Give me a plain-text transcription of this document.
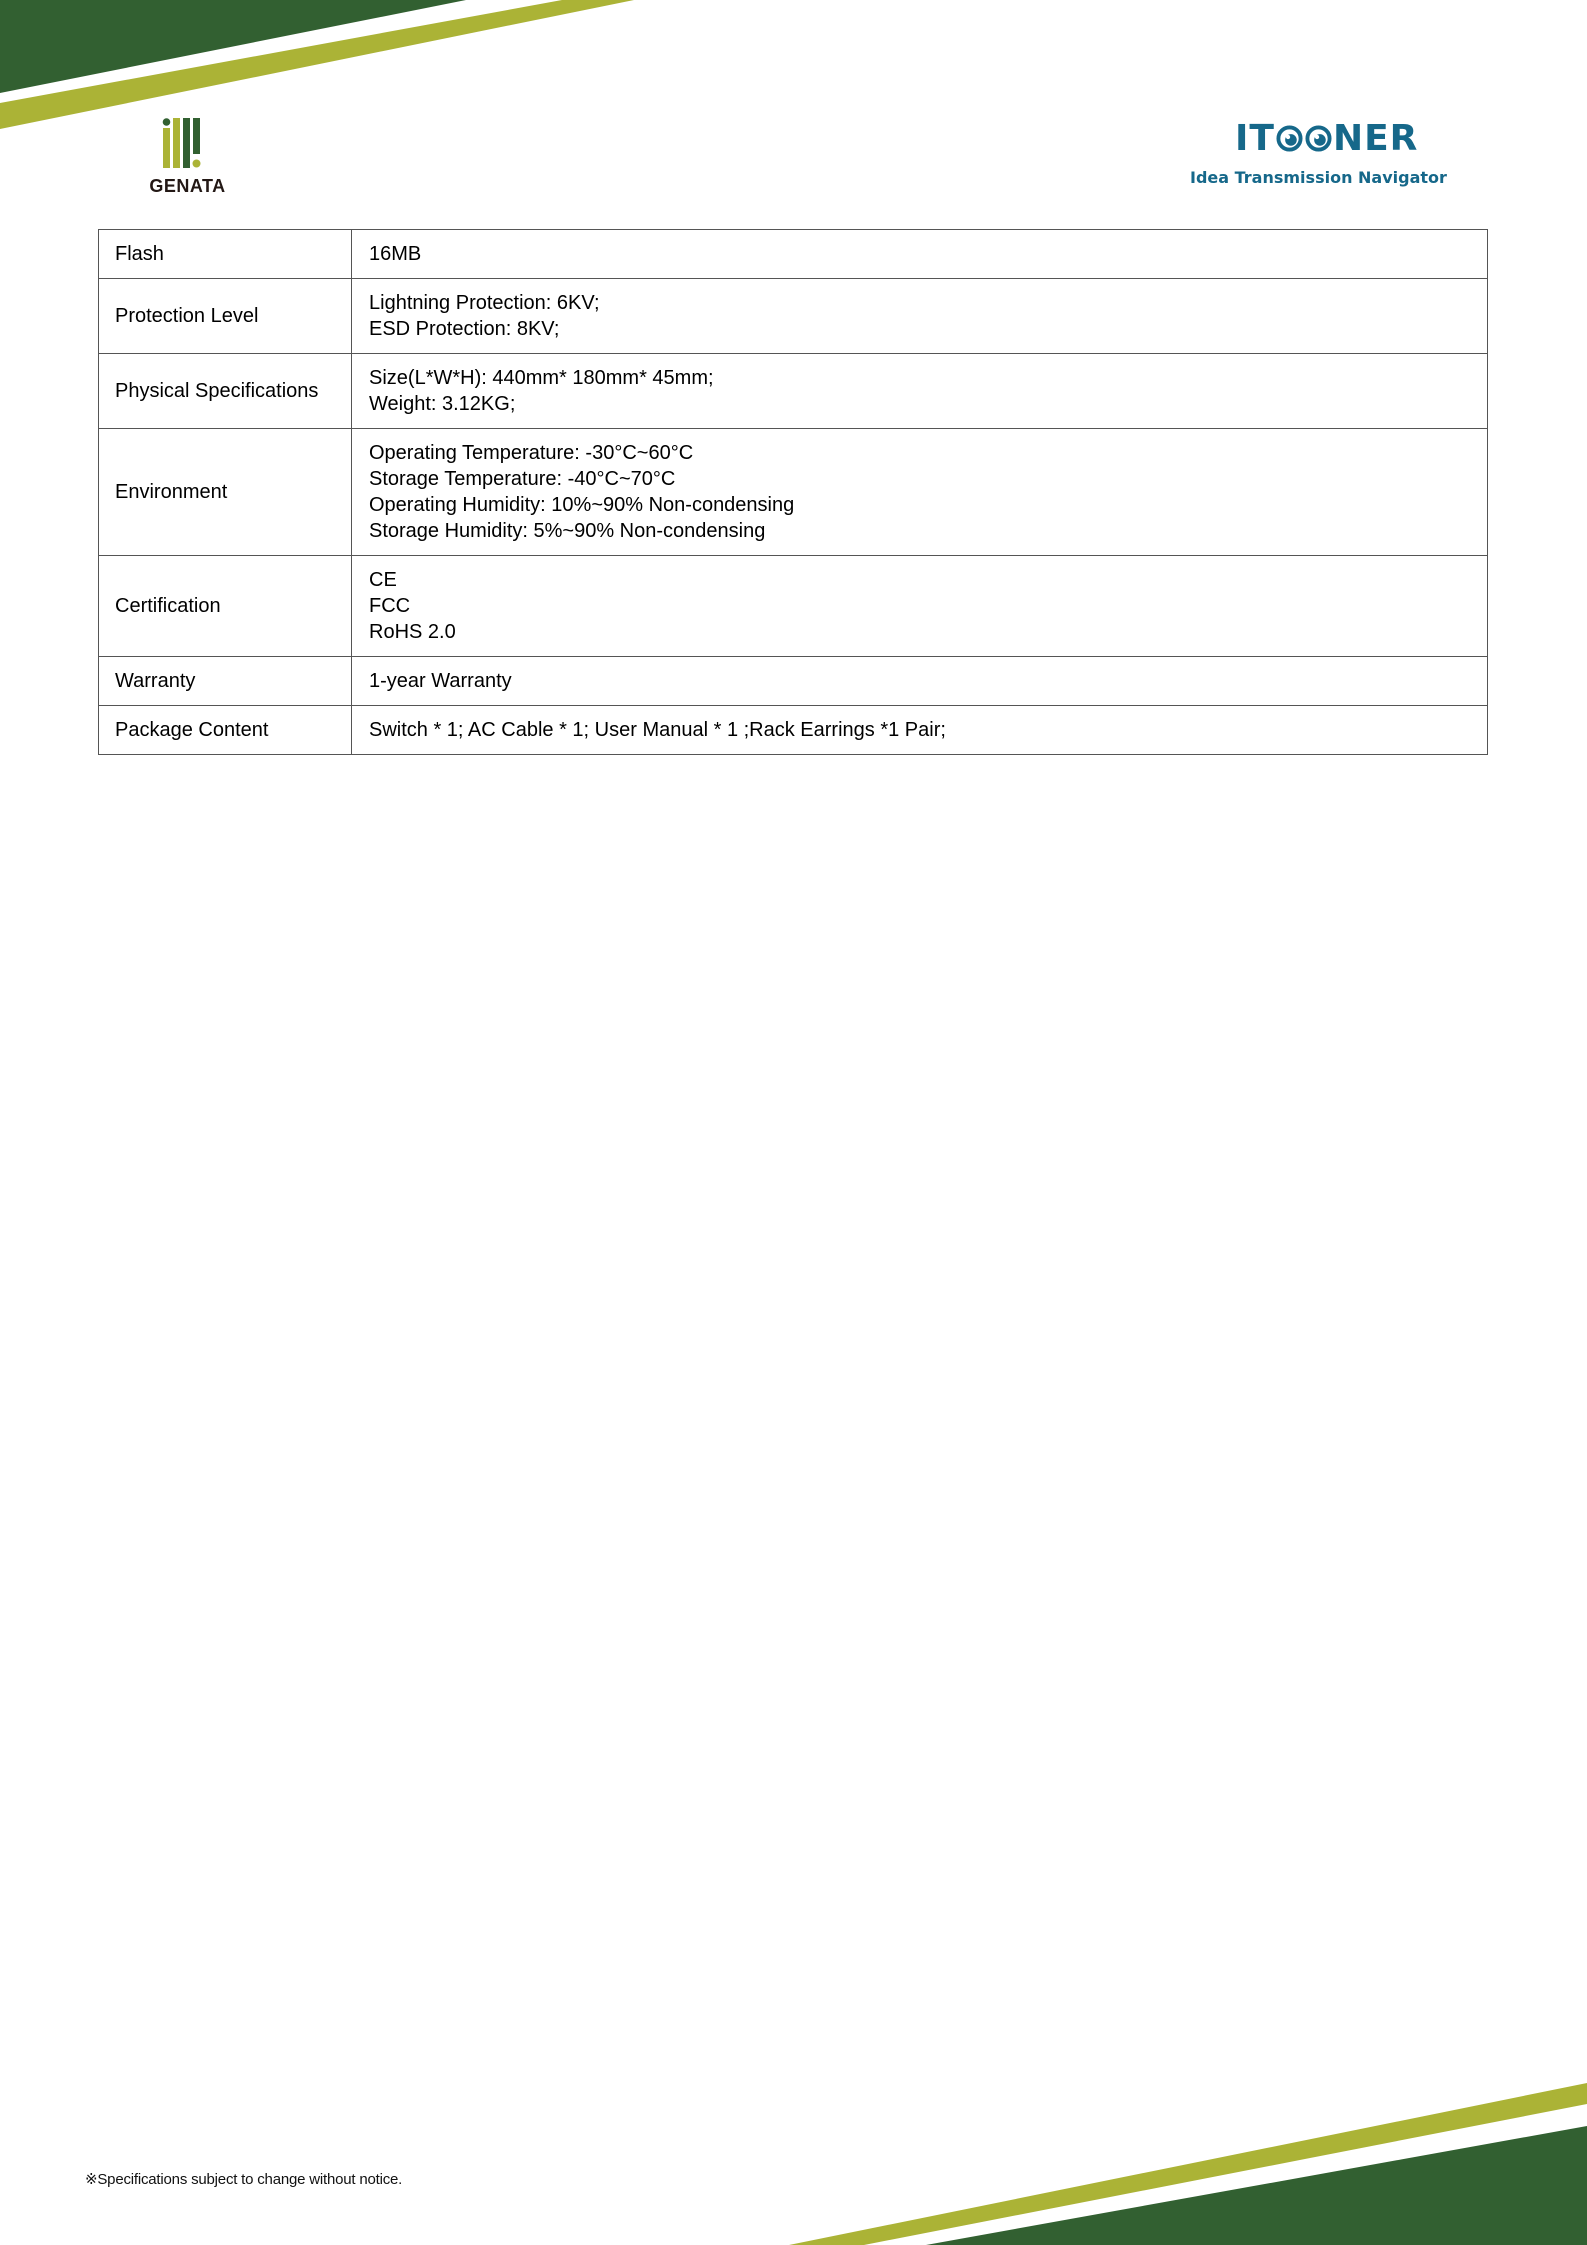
GENATA
IT NER
Idea Transmission Navigator
Flash	16MB

Protection Level	Lightning Protection: 6KV;
ESD Protection: 8KV;

Physical Specifications	Size(L*W*H): 440mm* 180mm* 45mm;
Weight: 3.12KG;

Environment	Operating Temperature: -30°C~60°C
Storage Temperature: -40°C~70°C
Operating Humidity: 10%~90% Non-condensing
Storage Humidity: 5%~90% Non-condensing

Certification	CE
FCC
RoHS 2.0

Warranty	1-year Warranty

Package Content	Switch * 1; AC Cable * 1; User Manual * 1 ;Rack Earrings *1 Pair;
※Specifications subject to change without notice.
